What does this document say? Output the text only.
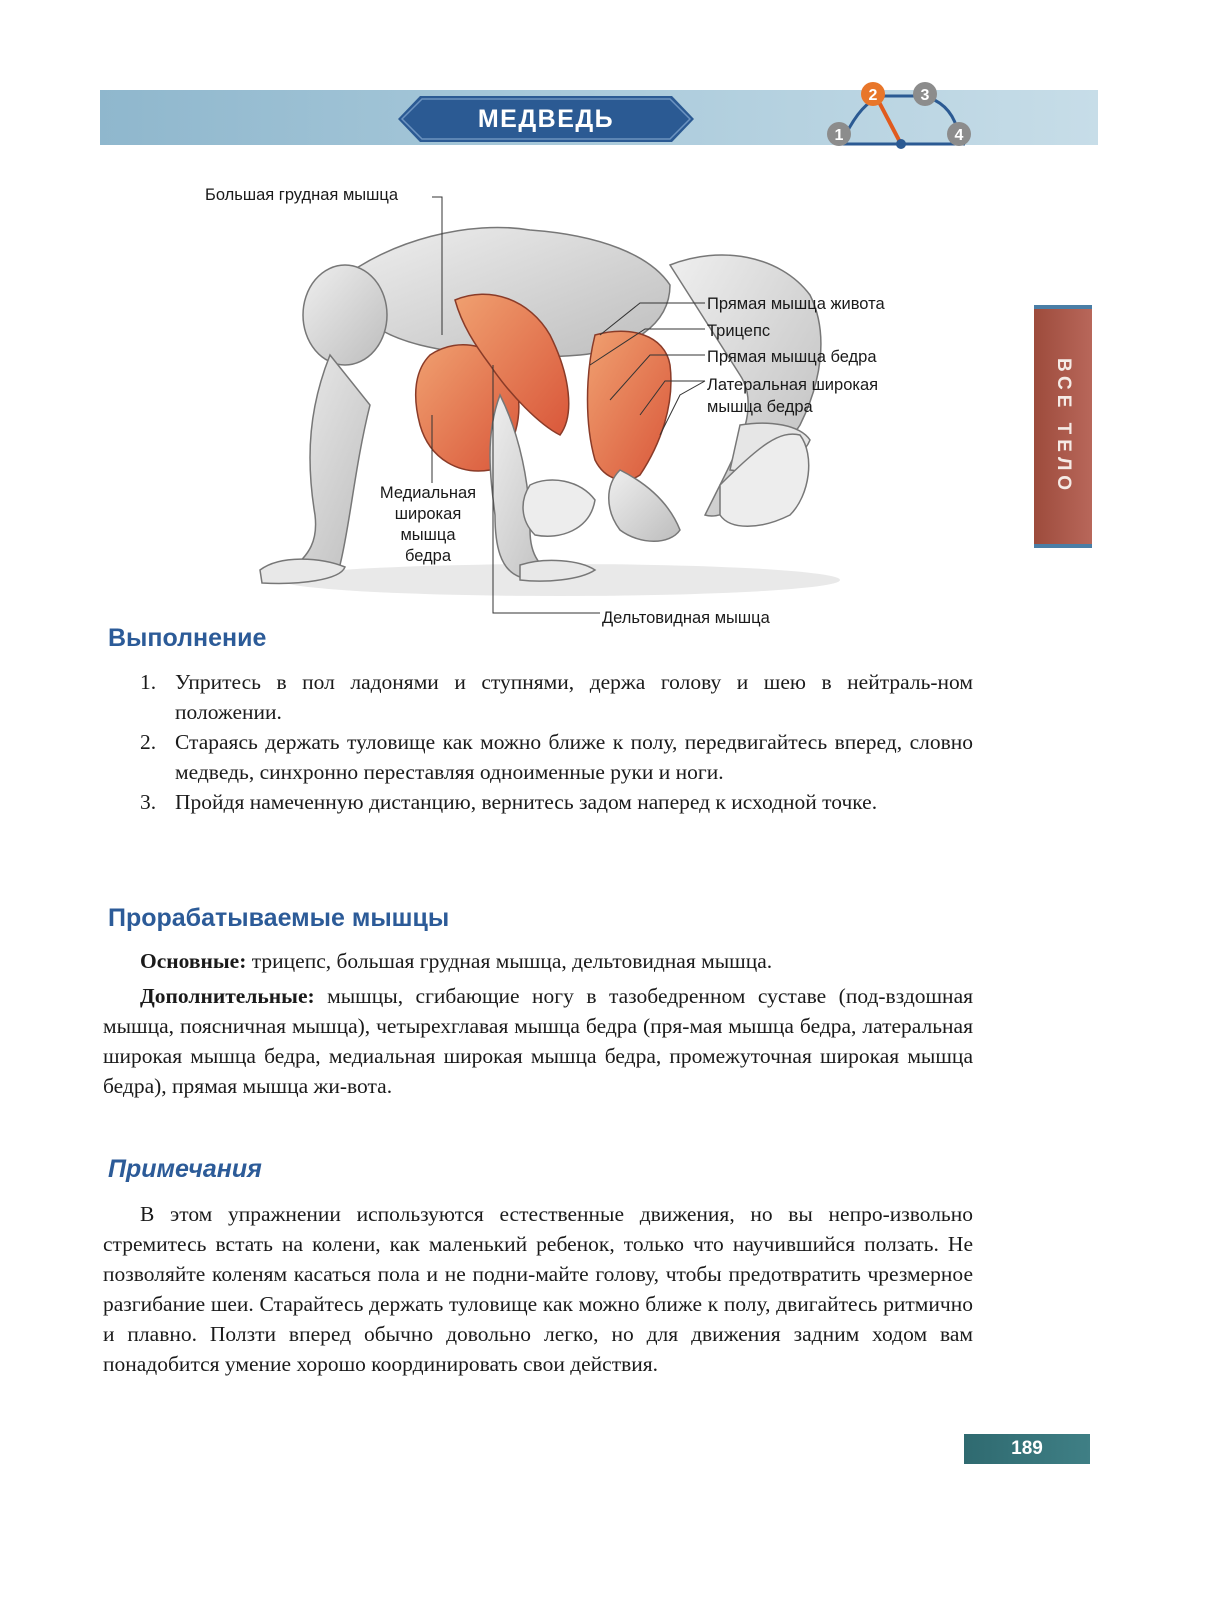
МЕДВЕДЬ
1
2	3
4
ВСЕ ТЕЛО
Большая грудная мышца
Прямая мышца живота
Трицепс
Прямая мышца бедра
Латеральная широкая
мышца бедра
Медиальная
широкая
мышца
бедра
Дельтовидная мышца
Выполнение
1. Упритесь в пол ладонями и ступнями, держа голову и шею в нейтраль-ном положении.
2. Стараясь держать туловище как можно ближе к полу, передвигайтесь вперед, словно медведь, синхронно переставляя одноименные руки и ноги.
3. Пройдя намеченную дистанцию, вернитесь задом наперед к исходной точке.
Прорабатываемые мышцы

Основные: трицепс, большая грудная мышца, дельтовидная мышца.

Дополнительные: мышцы, сгибающие ногу в тазобедренном суставе (под-вздошная мышца, поясничная мышца), четырехглавая мышца бедра (пря-мая мышца бедра, латеральная широкая мышца бедра, медиальная широкая мышца бедра, промежуточная широкая мышца бедра), прямая мышца жи-вота.

Примечания

В этом упражнении используются естественные движения, но вы непро-извольно стремитесь встать на колени, как маленький ребенок, только что научившийся ползать. Не позволяйте коленям касаться пола и не подни-майте голову, чтобы предотвратить чрезмерное разгибание шеи. Старайтесь держать туловище как можно ближе к полу, двигайтесь ритмично и плавно. Ползти вперед обычно довольно легко, но для движения задним ходом вам понадобится умение хорошо координировать свои действия.

189
